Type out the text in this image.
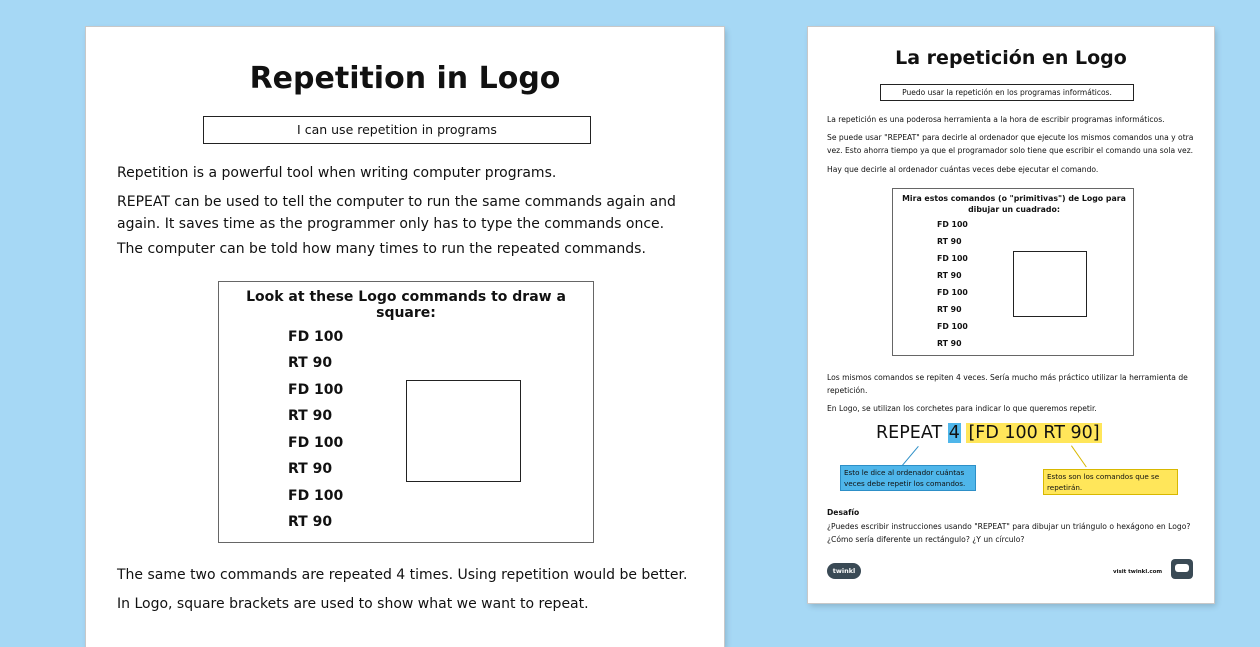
Repetition in Logo
I can use repetition in programs
Repetition is a powerful tool when writing computer programs.
REPEAT can be used to tell the computer to run the same commands again and again. It saves time as the programmer only has to type the commands once.
The computer can be told how many times to run the repeated commands.
Look at these Logo commands to draw a square:
FD 100
RT 90
FD 100
RT 90
FD 100
RT 90
FD 100
RT 90
The same two commands are repeated 4 times. Using repetition would be better.
In Logo, square brackets are used to show what we want to repeat.
La repetición en Logo
Puedo usar la repetición en los programas informáticos.
La repetición es una poderosa herramienta a la hora de escribir programas informáticos.
Se puede usar "REPEAT" para decirle al ordenador que ejecute los mismos comandos una y otra vez. Esto ahorra tiempo ya que el programador solo tiene que escribir el comando una sola vez.
Hay que decirle al ordenador cuántas veces debe ejecutar el comando.
Mira estos comandos (o "primitivas") de Logo para dibujar un cuadrado:
FD 100
RT 90
FD 100
RT 90
FD 100
RT 90
FD 100
RT 90
Los mismos comandos se repiten 4 veces. Sería mucho más práctico utilizar la herramienta de repetición.
En Logo, se utilizan los corchetes para indicar lo que queremos repetir.
REPEAT 4 [FD 100 RT 90]
Esto le dice al ordenador cuántas veces debe repetir los comandos.
Estos son los comandos que se repetirán.
Desafío
¿Puedes escribir instrucciones usando "REPEAT" para dibujar un triángulo o hexágono en Logo? ¿Cómo sería diferente un rectángulo? ¿Y un círculo?
twinkl	visit twinkl.com
